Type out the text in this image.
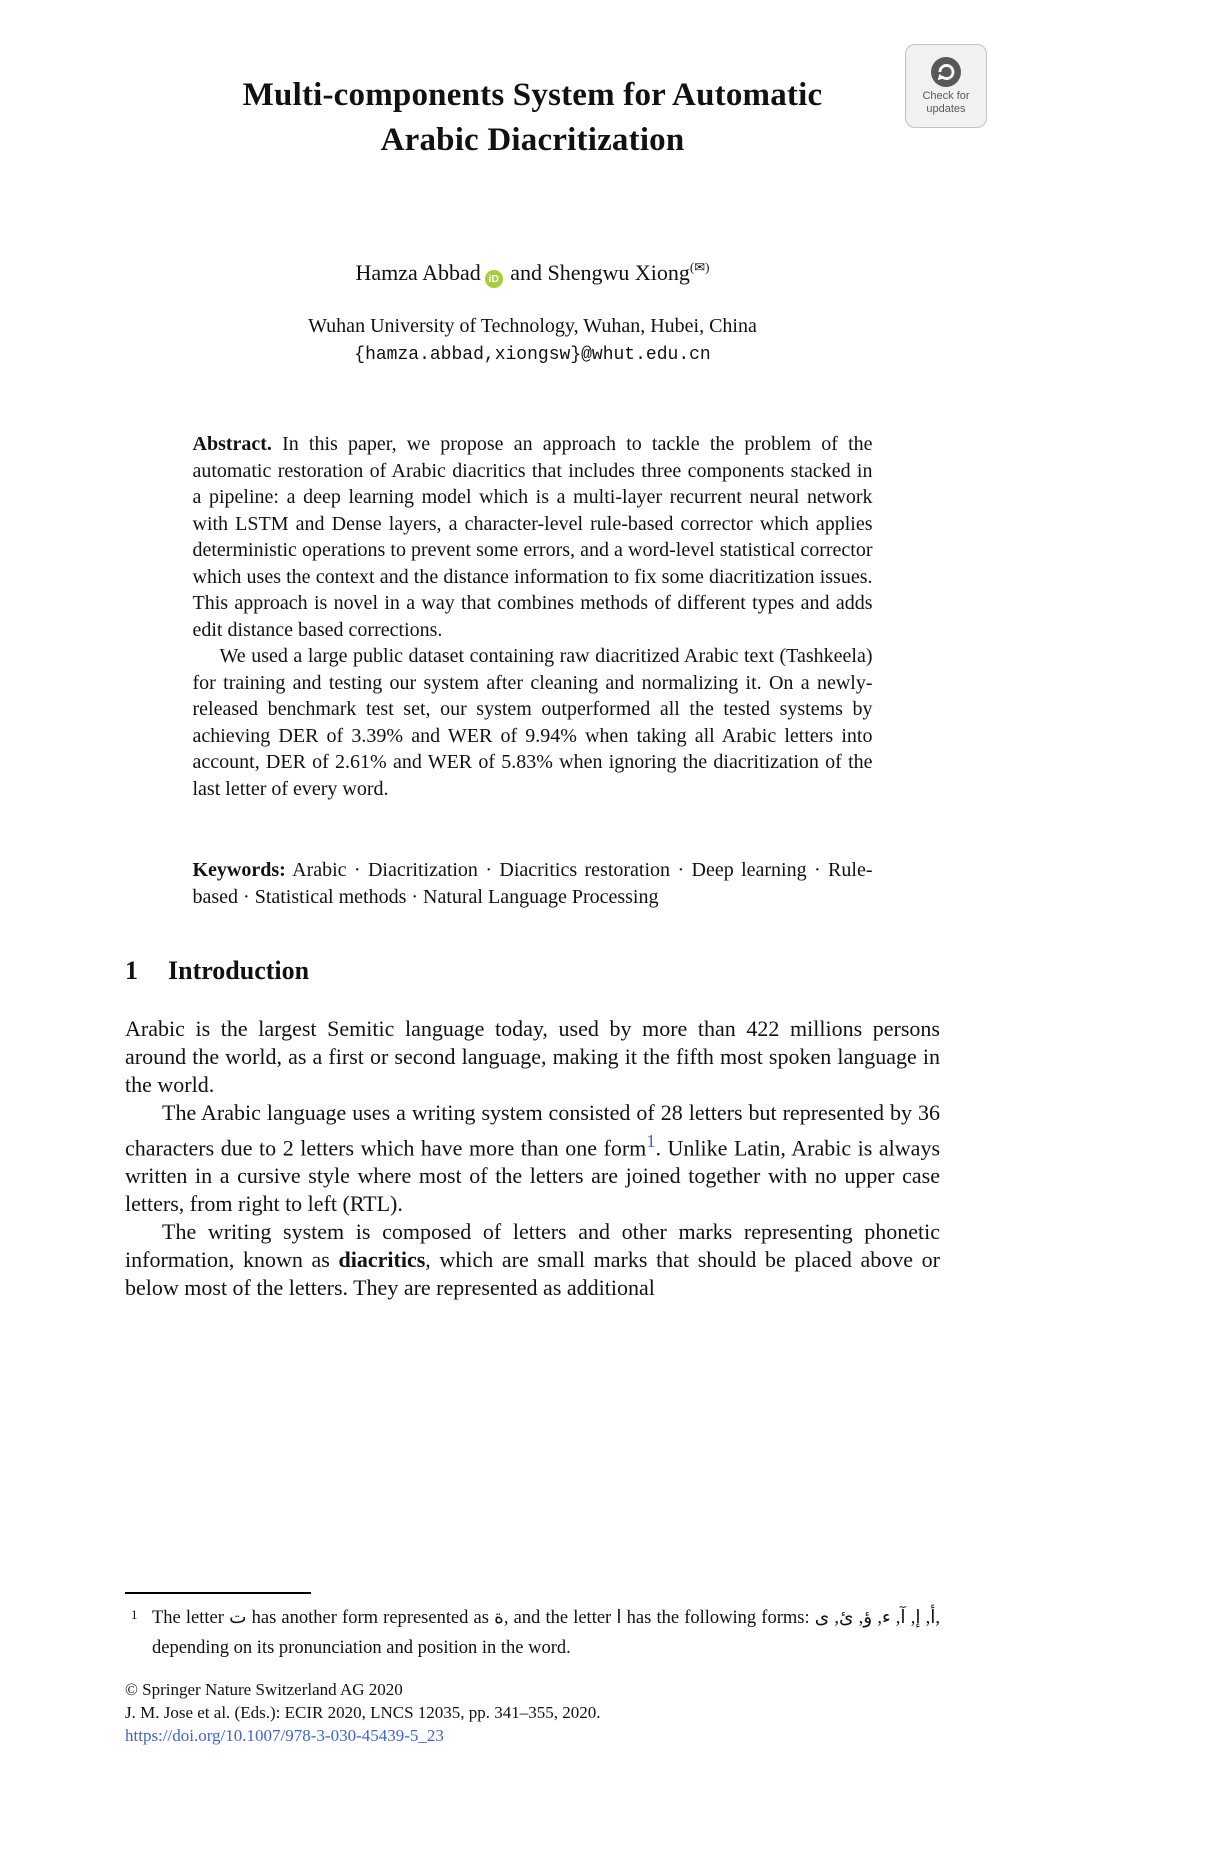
Check for
updates
Multi-components System for Automatic
Arabic Diacritization

Hamza Abbad iD and Shengwu Xiong(✉)

Wuhan University of Technology, Wuhan, Hubei, China

{hamza.abbad,xiongsw}@whut.edu.cn

Abstract. In this paper, we propose an approach to tackle the problem of the automatic restoration of Arabic diacritics that includes three components stacked in a pipeline: a deep learning model which is a multi-layer recurrent neural network with LSTM and Dense layers, a character-level rule-based corrector which applies deterministic operations to prevent some errors, and a word-level statistical corrector which uses the context and the distance information to fix some diacritization issues. This approach is novel in a way that combines methods of different types and adds edit distance based corrections.

We used a large public dataset containing raw diacritized Arabic text (Tashkeela) for training and testing our system after cleaning and normalizing it. On a newly-released benchmark test set, our system outperformed all the tested systems by achieving DER of 3.39% and WER of 9.94% when taking all Arabic letters into account, DER of 2.61% and WER of 5.83% when ignoring the diacritization of the last letter of every word.

Keywords: Arabic · Diacritization · Diacritics restoration · Deep learning · Rule-based · Statistical methods · Natural Language Processing

1 Introduction

Arabic is the largest Semitic language today, used by more than 422 millions persons around the world, as a first or second language, making it the fifth most spoken language in the world.

The Arabic language uses a writing system consisted of 28 letters but represented by 36 characters due to 2 letters which have more than one form$^1$. Unlike Latin, Arabic is always written in a cursive style where most of the letters are joined together with no upper case letters, from right to left (RTL).

The writing system is composed of letters and other marks representing phonetic information, known as diacritics, which are small marks that should be placed above or below most of the letters. They are represented as additional

1 The letter ت has another form represented as ة, and the letter ا has the following forms: أ, إ, آ, ء, ؤ, ئ, ى, depending on its pronunciation and position in the word.

© Springer Nature Switzerland AG 2020

J. M. Jose et al. (Eds.): ECIR 2020, LNCS 12035, pp. 341–355, 2020.

https://doi.org/10.1007/978-3-030-45439-5_23
